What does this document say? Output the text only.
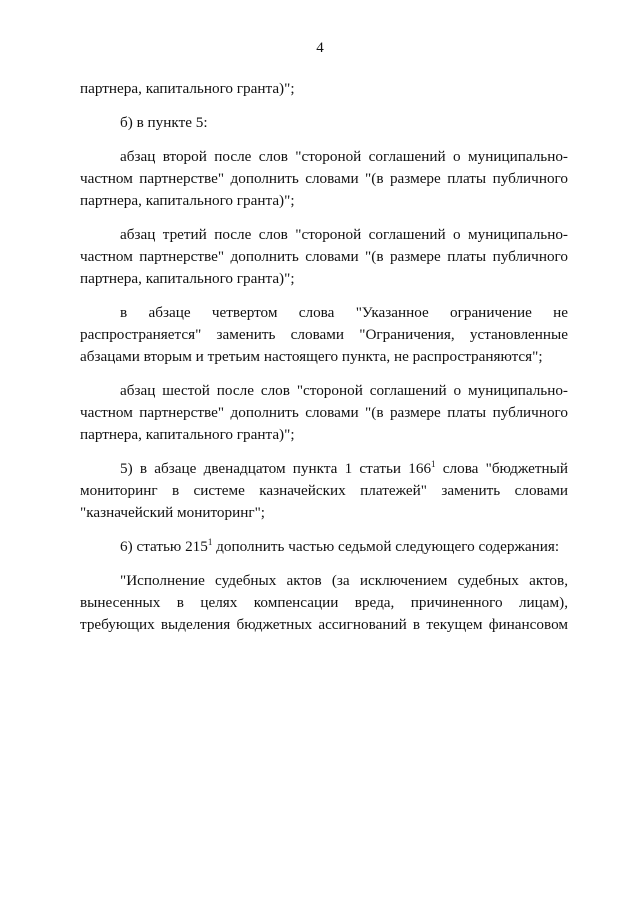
4

партнера, капитального гранта)";

б) в пункте 5:

абзац второй после слов "стороной соглашений о муниципально-частном партнерстве" дополнить словами "(в размере платы публичного партнера, капитального гранта)";

абзац третий после слов "стороной соглашений о муниципально-частном партнерстве" дополнить словами "(в размере платы публичного партнера, капитального гранта)";

в абзаце четвертом слова "Указанное ограничение не распространяется" заменить словами "Ограничения, установленные абзацами вторым и третьим настоящего пункта, не распространяются";

абзац шестой после слов "стороной соглашений о муниципально-частном партнерстве" дополнить словами "(в размере платы публичного партнера, капитального гранта)";

5) в абзаце двенадцатом пункта 1 статьи $166^1$ слова "бюджетный мониторинг в системе казначейских платежей" заменить словами "казначейский мониторинг";

6) статью $215^1$ дополнить частью седьмой следующего содержания:

"Исполнение судебных актов (за исключением судебных актов, вынесенных в целях компенсации вреда, причиненного лицам), требующих выделения бюджетных ассигнований в текущем финансовом
